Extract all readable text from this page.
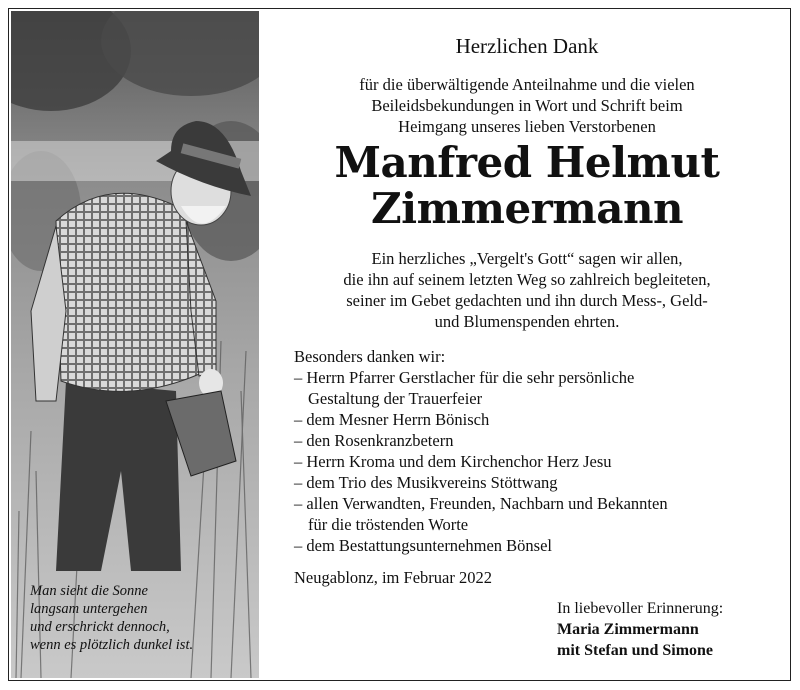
Herzlichen Dank
für die überwältigende Anteilnahme und die vielen
Beileidsbekundungen in Wort und Schrift beim
Heimgang unseres lieben Verstorbenen
Manfred Helmut
Zimmermann
Ein herzliches „Vergelt's Gott“ sagen wir allen,
die ihn auf seinem letzten Weg so zahlreich begleiteten,
seiner im Gebet gedachten und ihn durch Mess-, Geld-
und Blumenspenden ehrten.
Besonders danken wir:
– Herrn Pfarrer Gerstlacher für die sehr persönliche
Gestaltung der Trauerfeier
– dem Mesner Herrn Bönisch
– den Rosenkranzbetern
– Herrn Kroma und dem Kirchenchor Herz Jesu
– dem Trio des Musikvereins Stöttwang
– allen Verwandten, Freunden, Nachbarn und Bekannten
für die tröstenden Worte
– dem Bestattungsunternehmen Bönsel
Neugablonz, im Februar 2022
In liebevoller Erinnerung:
Maria Zimmermann
mit Stefan und Simone
Man sieht die Sonne
langsam untergehen
und erschrickt dennoch,
wenn es plötzlich dunkel ist.
